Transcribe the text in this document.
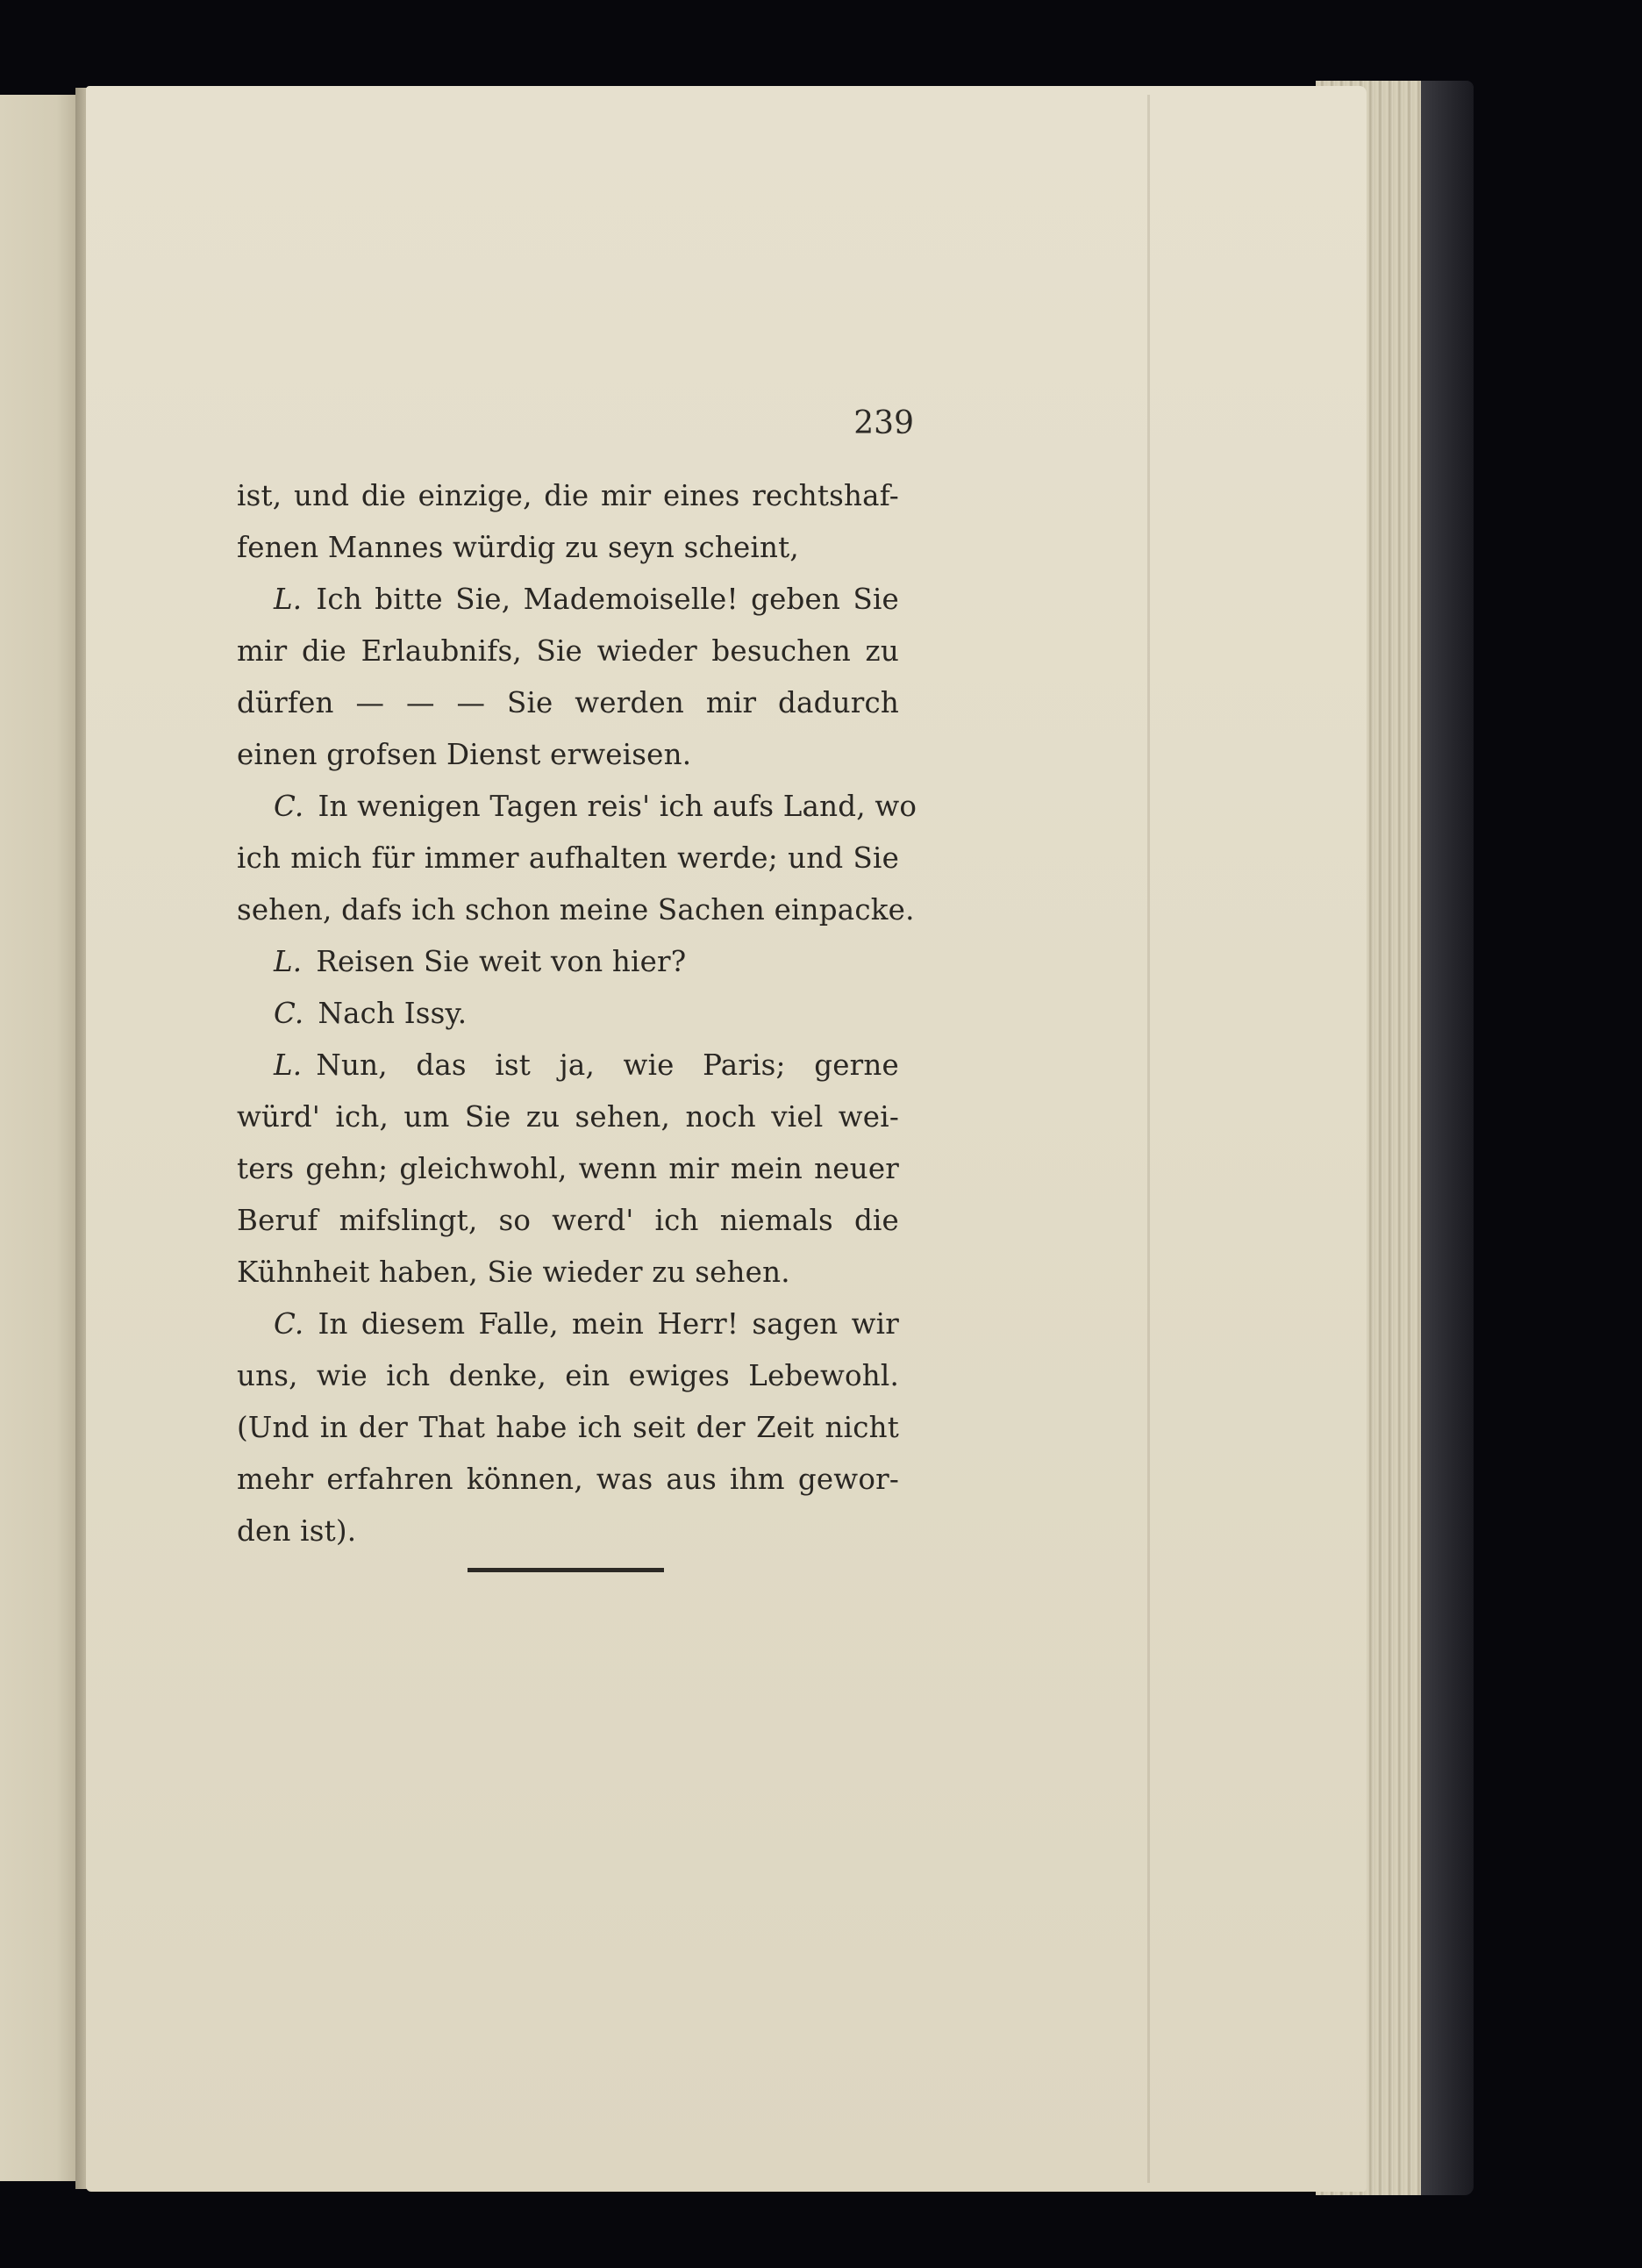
239
ist, und die einzige, die mir eines rechtshaf-
fenen Mannes würdig zu seyn scheint,
L. Ich bitte Sie, Mademoiselle! geben Sie
mir die Erlaubnifs, Sie wieder besuchen zu
dürfen — — — Sie werden mir dadurch
einen grofsen Dienst erweisen.
C. In wenigen Tagen reis' ich aufs Land, wo
ich mich für immer aufhalten werde; und Sie
sehen, dafs ich schon meine Sachen einpacke.
L. Reisen Sie weit von hier?
C. Nach Issy.
L. Nun, das ist ja, wie Paris; gerne
würd' ich, um Sie zu sehen, noch viel wei-
ters gehn; gleichwohl, wenn mir mein neuer
Beruf mifslingt, so werd' ich niemals die
Kühnheit haben, Sie wieder zu sehen.
C. In diesem Falle, mein Herr! sagen wir
uns, wie ich denke, ein ewiges Lebewohl.
(Und in der That habe ich seit der Zeit nicht
mehr erfahren können, was aus ihm gewor-
den ist).
